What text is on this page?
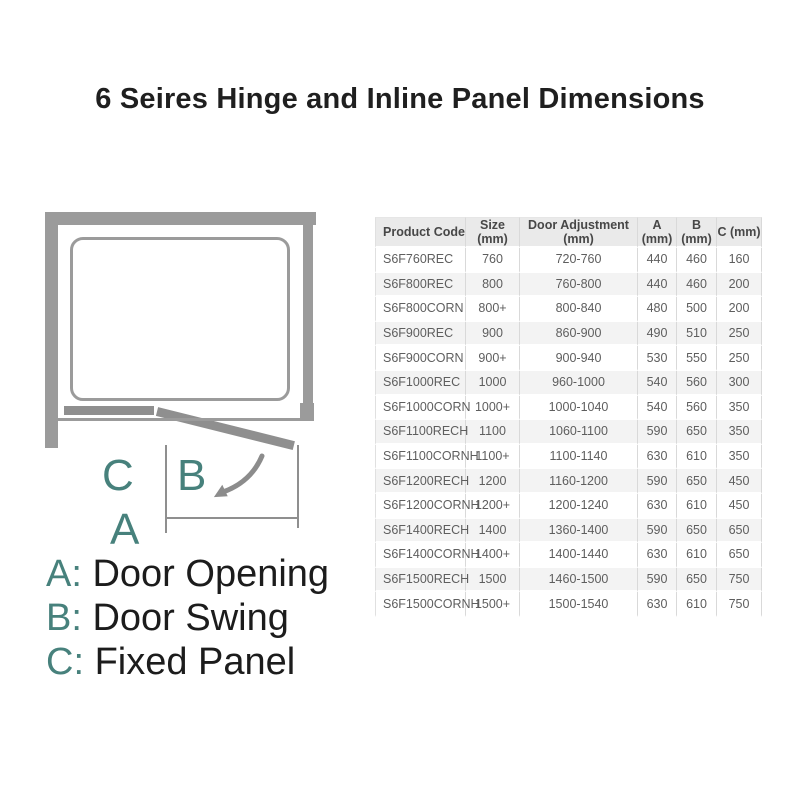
6 Seires Hinge and Inline Panel Dimensions
C B
A
A: Door Opening
B: Door Swing
C: Fixed Panel
Product Code	Size (mm)	Door Adjustment (mm)	A (mm)	B (mm)	C (mm)
S6F760REC	760	720-760	440	460	160
S6F800REC	800	760-800	440	460	200
S6F800CORN	800+	800-840	480	500	200
S6F900REC	900	860-900	490	510	250
S6F900CORN	900+	900-940	530	550	250
S6F1000REC	1000	960-1000	540	560	300
S6F1000CORN	1000+	1000-1040	540	560	350
S6F1100RECH	1100	1060-1100	590	650	350
S6F1100CORNH	1100+	1100-1140	630	610	350
S6F1200RECH	1200	1160-1200	590	650	450
S6F1200CORNH	1200+	1200-1240	630	610	450
S6F1400RECH	1400	1360-1400	590	650	650
S6F1400CORNH	1400+	1400-1440	630	610	650
S6F1500RECH	1500	1460-1500	590	650	750
S6F1500CORNH	1500+	1500-1540	630	610	750
